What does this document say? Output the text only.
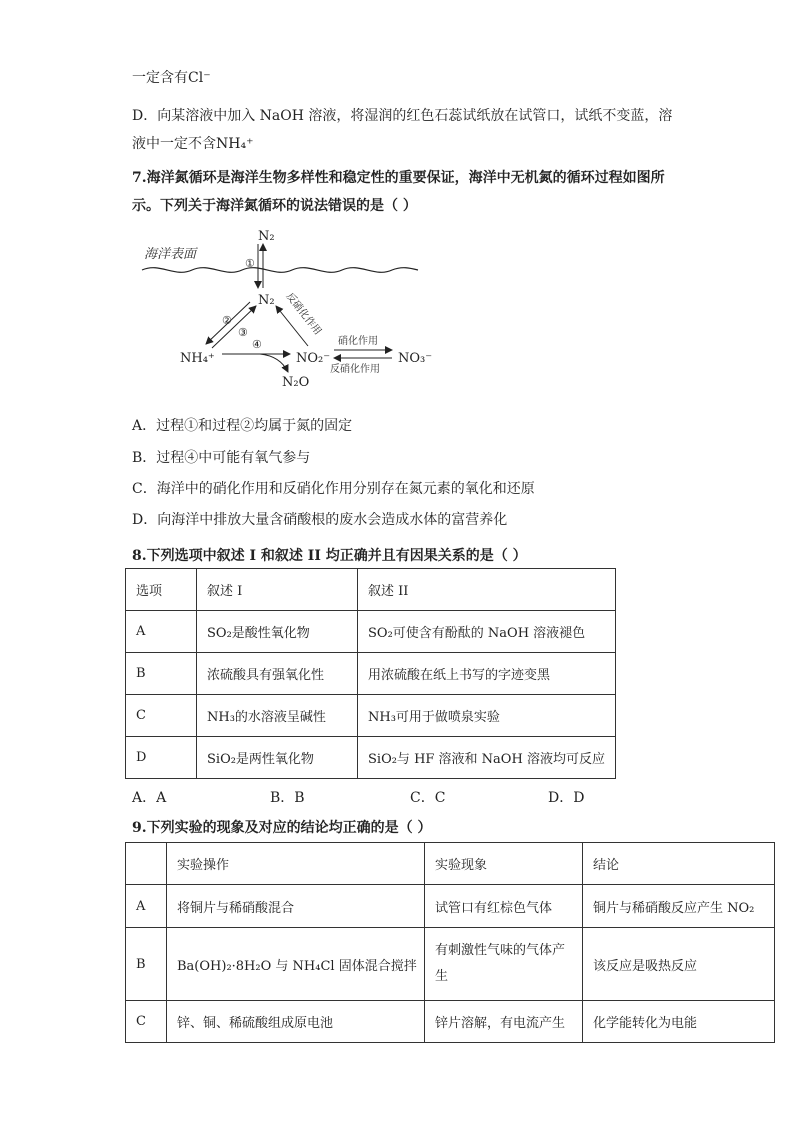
一定含有Cl⁻
D．向某溶液中加入 NaOH 溶液，将湿润的红色石蕊试纸放在试管口，试纸不变蓝，溶
液中一定不含NH₄⁺
7.海洋氮循环是海洋生物多样性和稳定性的重要保证，海洋中无机氮的循环过程如图所
示。下列关于海洋氮循环的说法错误的是（ ）
海洋表面
N₂
N₂
①
NH₄⁺	NO₂⁻	NO₃⁻
N₂O
②
③	反硝化作用
④	硝化作用
反硝化作用
A．过程①和过程②均属于氮的固定
B．过程④中可能有氧气参与
C．海洋中的硝化作用和反硝化作用分别存在氮元素的氧化和还原
D．向海洋中排放大量含硝酸根的废水会造成水体的富营养化
8.下列选项中叙述 I 和叙述 II 均正确并且有因果关系的是（ ）
选项	叙述 I	叙述 II
A	SO₂是酸性氧化物	SO₂可使含有酚酞的 NaOH 溶液褪色
B	浓硫酸具有强氧化性	用浓硫酸在纸上书写的字迹变黑
C	NH₃的水溶液呈碱性	NH₃可用于做喷泉实验
D	SiO₂是两性氧化物	SiO₂与 HF 溶液和 NaOH 溶液均可反应
A．A	B．B	C．C	D．D
9.下列实验的现象及对应的结论均正确的是（ ）
	实验操作	实验现象	结论
A	将铜片与稀硝酸混合	试管口有红棕色气体	铜片与稀硝酸反应产生 NO₂
B	Ba(OH)₂·8H₂O 与 NH₄Cl 固体混合搅拌	有刺激性气味的气体产生	该反应是吸热反应
C	锌、铜、稀硫酸组成原电池	锌片溶解，有电流产生	化学能转化为电能
